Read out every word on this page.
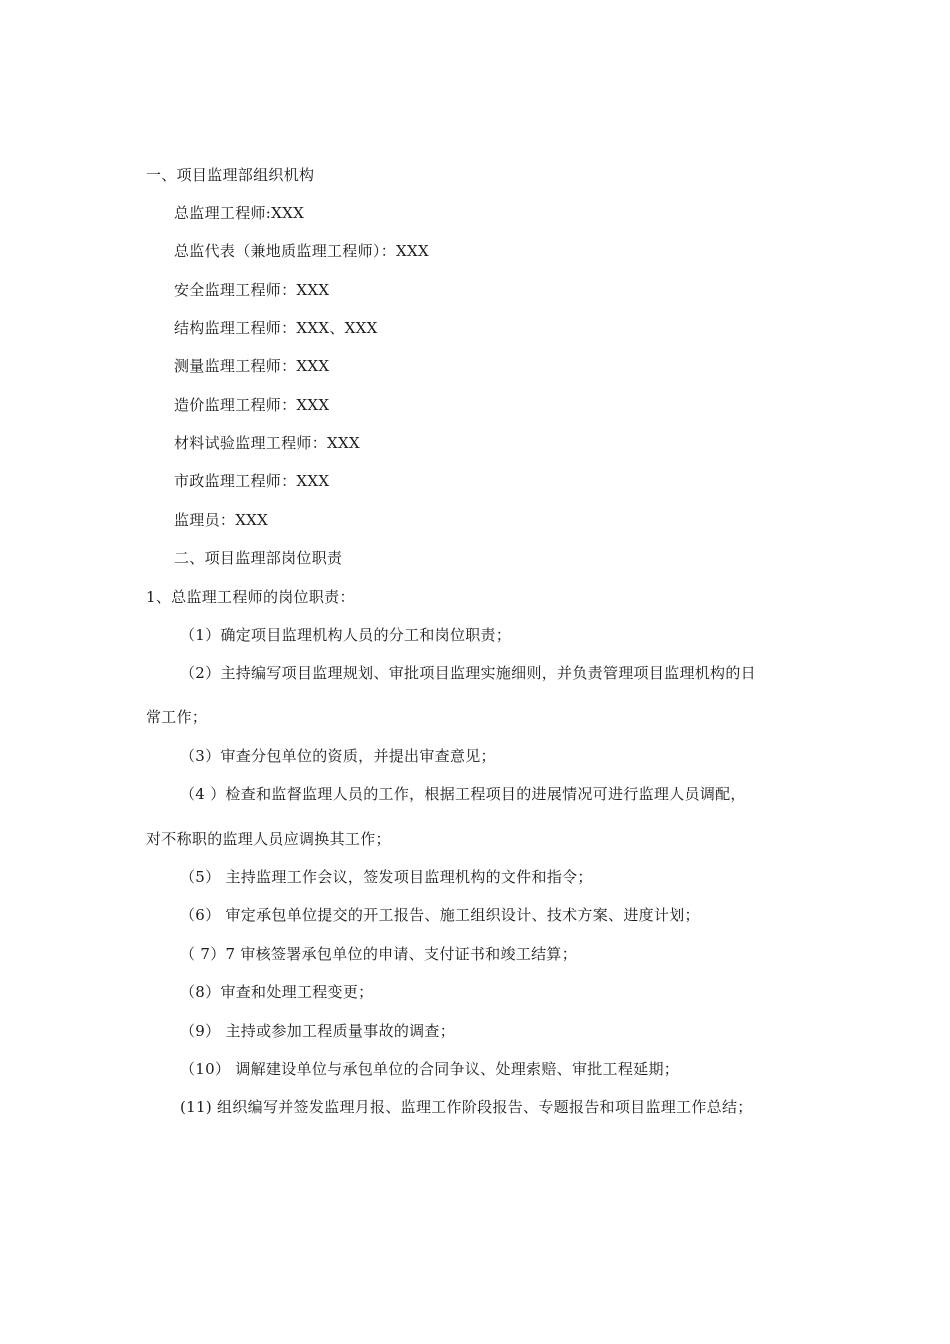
一、项目监理部组织机构
总监理工程师:XXX
总监代表（兼地质监理工程师）：XXX
安全监理工程师：XXX
结构监理工程师：XXX、XXX
测量监理工程师：XXX
造价监理工程师：XXX
材料试验监理工程师：XXX
市政监理工程师：XXX
监理员：XXX
二、项目监理部岗位职责
1、总监理工程师的岗位职责：
（1）确定项目监理机构人员的分工和岗位职责；
（2）主持编写项目监理规划、审批项目监理实施细则，并负责管理项目监理机构的日
常工作；
（3）审查分包单位的资质，并提出审查意见；
（4 ）检查和监督监理人员的工作，根据工程项目的进展情况可进行监理人员调配，
对不称职的监理人员应调换其工作；
（5） 主持监理工作会议，签发项目监理机构的文件和指令；
（6） 审定承包单位提交的开工报告、施工组织设计、技术方案、进度计划；
（ 7）7 审核签署承包单位的申请、支付证书和竣工结算；
（8）审查和处理工程变更；
（9） 主持或参加工程质量事故的调查；
（10） 调解建设单位与承包单位的合同争议、处理索赔、审批工程延期；
(11) 组织编写并签发监理月报、监理工作阶段报告、专题报告和项目监理工作总结；
